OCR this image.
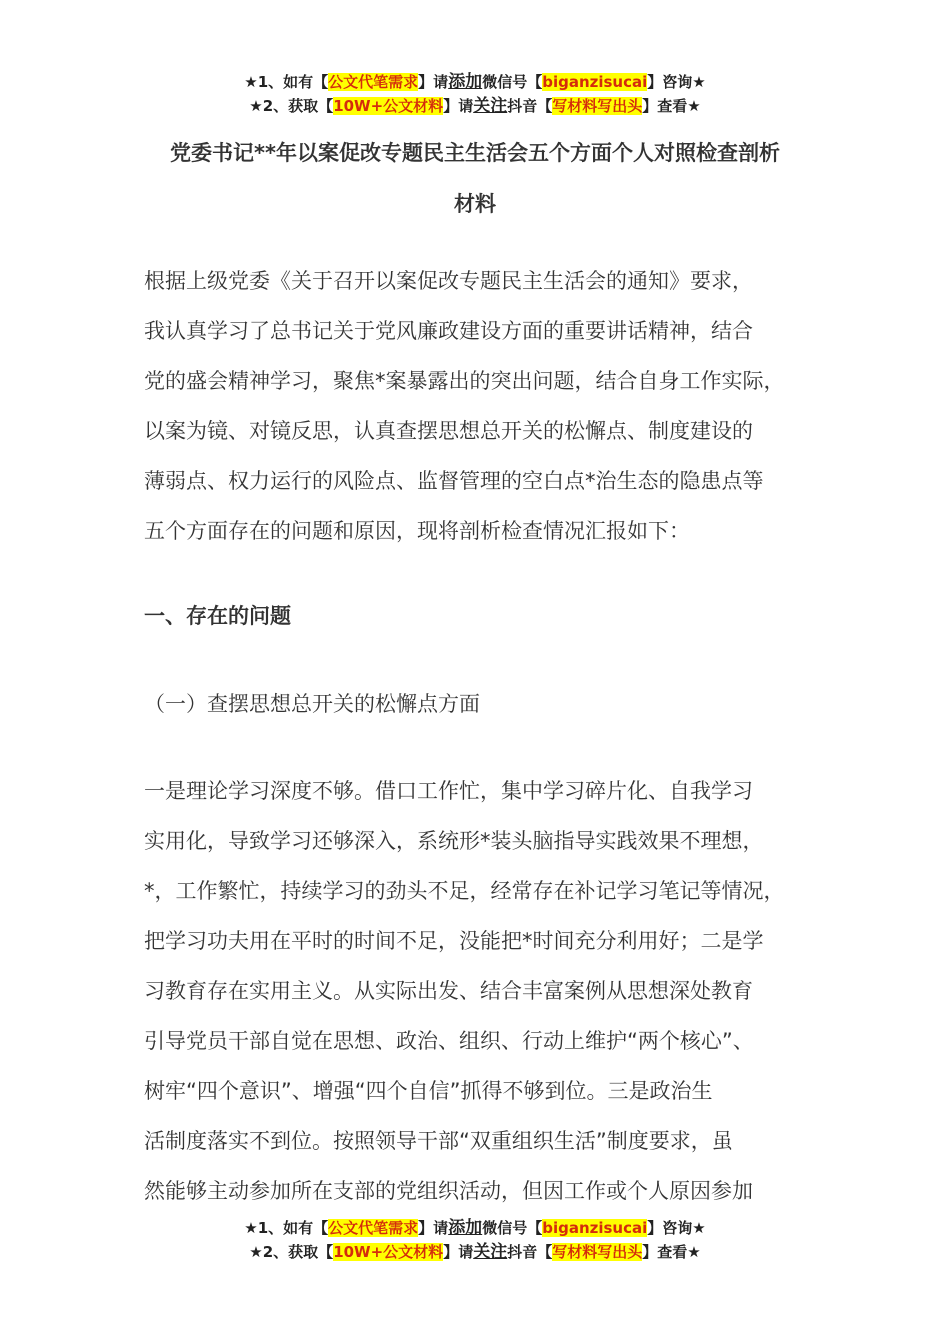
★1、如有【公文代笔需求】请添加微信号【biganzisucai】咨询★
★2、获取【10W+公文材料】请关注抖音【写材料写出头】查看★
党委书记**年以案促改专题民主生活会五个方面个人对照检查剖析
材料
根据上级党委《关于召开以案促改专题民主生活会的通知》要求，
我认真学习了总书记关于党风廉政建设方面的重要讲话精神，结合
党的盛会精神学习，聚焦*案暴露出的突出问题，结合自身工作实际，
以案为镜、对镜反思，认真查摆思想总开关的松懈点、制度建设的
薄弱点、权力运行的风险点、监督管理的空白点*治生态的隐患点等
五个方面存在的问题和原因，现将剖析检查情况汇报如下：
一、存在的问题
（一）查摆思想总开关的松懈点方面
一是理论学习深度不够。借口工作忙，集中学习碎片化、自我学习
实用化，导致学习还够深入，系统形*装头脑指导实践效果不理想，
*，工作繁忙，持续学习的劲头不足，经常存在补记学习笔记等情况，
把学习功夫用在平时的时间不足，没能把*时间充分利用好；二是学
习教育存在实用主义。从实际出发、结合丰富案例从思想深处教育
引导党员干部自觉在思想、政治、组织、行动上维护“两个核心”、
树牢“四个意识”、增强“四个自信”抓得不够到位。三是政治生
活制度落实不到位。按照领导干部“双重组织生活”制度要求，虽
然能够主动参加所在支部的党组织活动，但因工作或个人原因参加
★1、如有【公文代笔需求】请添加微信号【biganzisucai】咨询★
★2、获取【10W+公文材料】请关注抖音【写材料写出头】查看★
